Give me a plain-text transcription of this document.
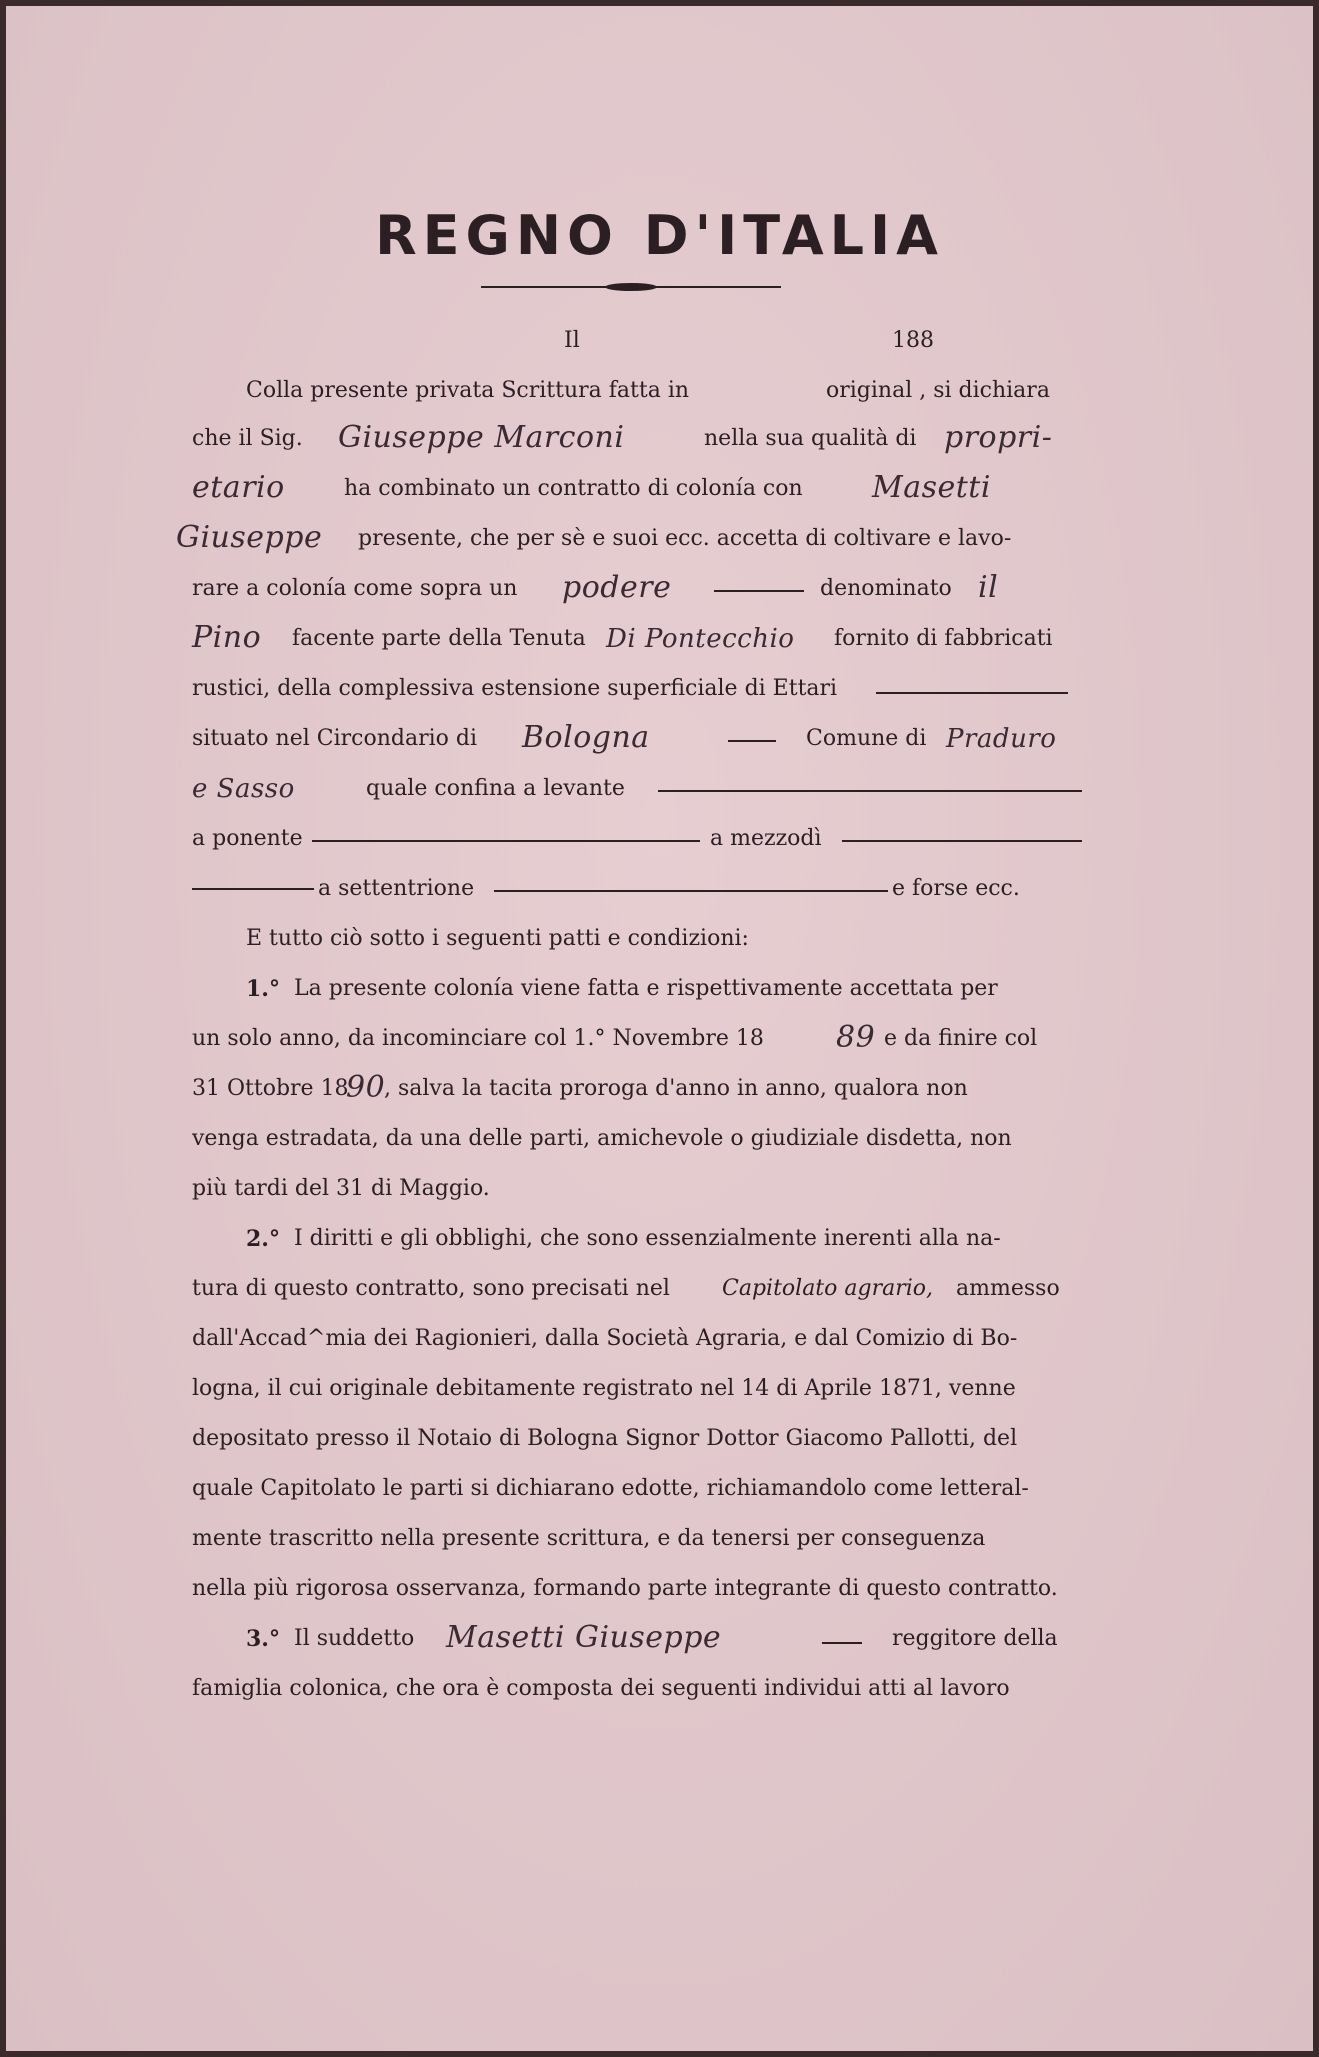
REGNO D'ITALIA
Il	188
Colla presente privata Scrittura fatta in	original , si dichiara
che il Sig. Giuseppe Marconi	nella sua qualità di propri-
etario	ha combinato un contratto di colonía con Masetti
Giuseppe presente, che per sè e suoi ecc. accetta di coltivare e lavo-
rare a colonía come sopra un podere	denominato il
Pino facente parte della Tenuta Di Pontecchio fornito di fabbricati
rustici, della complessiva estensione superficiale di Ettari
situato nel Circondario di Bologna	Comune di Praduro
e Sasso	quale confina a levante
a ponente	a mezzodì
a settentrione	e forse ecc.
E tutto ciò sotto i seguenti patti e condizioni:
1.° La presente colonía viene fatta e rispettivamente accettata per
un solo anno, da incominciare col 1.° Novembre 18 89 e da finire col
31 Ottobre 18
90
, salva la tacita proroga d'anno in anno, qualora non
venga estradata, da una delle parti, amichevole o giudiziale disdetta, non
più tardi del 31 di Maggio.
2.° I diritti e gli obblighi, che sono essenzialmente inerenti alla na-
tura di questo contratto, sono precisati nel Capitolato agrario, ammesso
dall'Accad^mia dei Ragionieri, dalla Società Agraria, e dal Comizio di Bo-
logna, il cui originale debitamente registrato nel 14 di Aprile 1871, venne
depositato presso il Notaio di Bologna Signor Dottor Giacomo Pallotti, del
quale Capitolato le parti si dichiarano edotte, richiamandolo come letteral-
mente trascritto nella presente scrittura, e da tenersi per conseguenza
nella più rigorosa osservanza, formando parte integrante di questo contratto.
3.° Il suddetto Masetti Giuseppe	reggitore della
famiglia colonica, che ora è composta dei seguenti individui atti al lavoro
